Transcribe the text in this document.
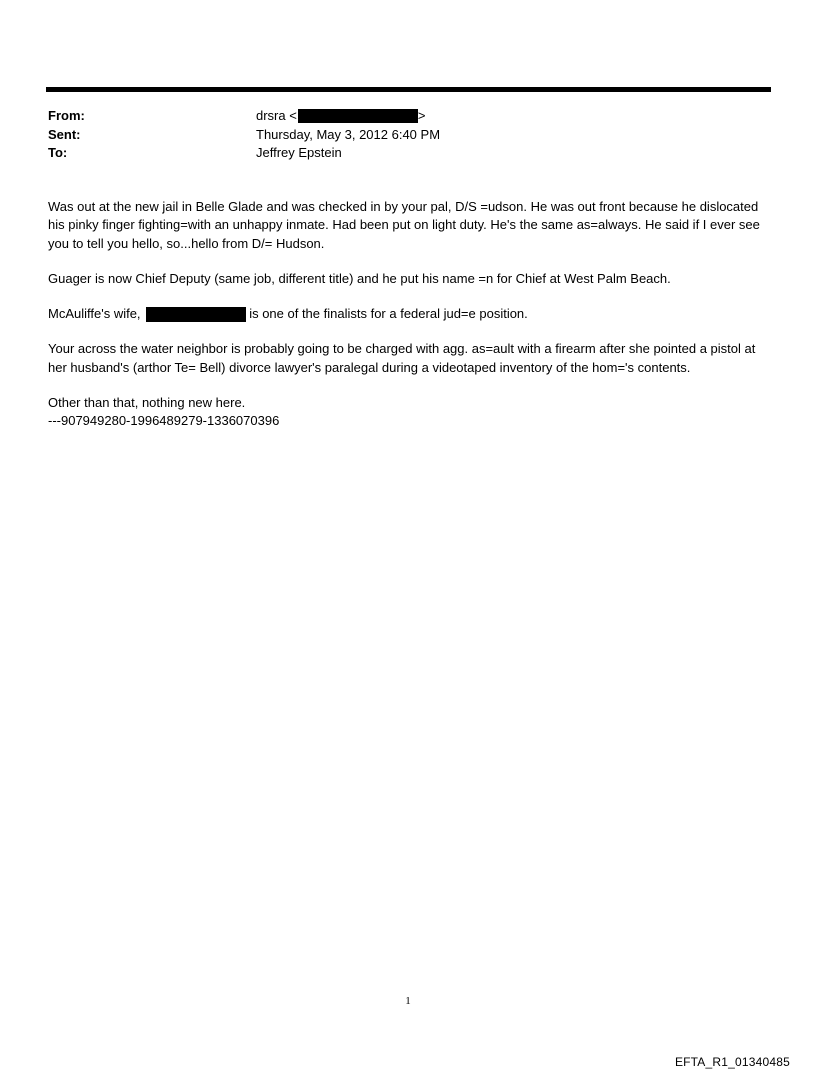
From:	drsra <	>
Sent:	Thursday, May 3, 2012 6:40 PM
To:	Jeffrey Epstein

Was out at the new jail in Belle Glade and was checked in by your pal, D/S =udson. He was out front because he dislocated his pinky finger fighting=with an unhappy inmate. Had been put on light duty. He's the same as=always. He said if I ever see you to tell you hello, so...hello from D/= Hudson.

Guager is now Chief Deputy (same job, different title) and he put his name =n for Chief at West Palm Beach.

McAuliffe's wife,	is one of the finalists for a federal jud=e position.

Your across the water neighbor is probably going to be charged with agg. as=ault with a firearm after she pointed a pistol at her husband's (arthor Te= Bell) divorce lawyer's paralegal during a videotaped inventory of the hom='s contents.

Other than that, nothing new here.

---907949280-1996489279-1336070396

1
EFTA_R1_01340485
